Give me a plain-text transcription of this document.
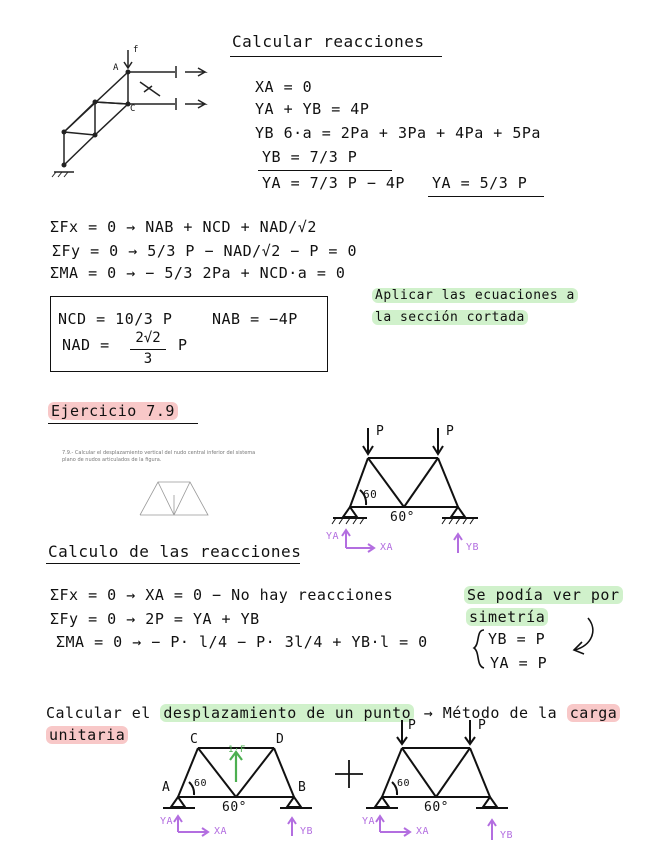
A
C
f	Calcular reacciones
XA = 0
YA + YB = 4P
YB 6·a = 2Pa + 3Pa + 4Pa + 5Pa
YB = 7/3 P
YA = 7/3 P − 4P YA = 5/3 P
ΣFx = 0 → NAB + NCD + NAD/√2
ΣFy = 0 → 5/3 P − NAD/√2 − P = 0
ΣMA = 0 → − 5/3 2Pa + NCD·a = 0
NCD = 10/3 P	NAB = −4P
NAD =	2√2
3
P
Aplicar las ecuaciones a
la sección cortada
Ejercicio 7.9
7.9.- Calcular el desplazamiento vertical del nudo central inferior del sistema
plano de nudos articulados de la figura.
P	P
60
60°
YA
XA	YB
Calculo de las reacciones
ΣFx = 0 → XA = 0 − No hay reacciones
ΣFy = 0 → 2P = YA + YB
ΣMA = 0 → − P· l/4 − P· 3l/4 + YB·l = 0
Se podía ver por
simetría
YB = P
YA = P
Calcular el desplazamiento de un punto → Método de la carga
unitaria	C	D
A	B
1·F
60
60°
YA
XA	YB
P	P
60
60°
YA
XA	YB
